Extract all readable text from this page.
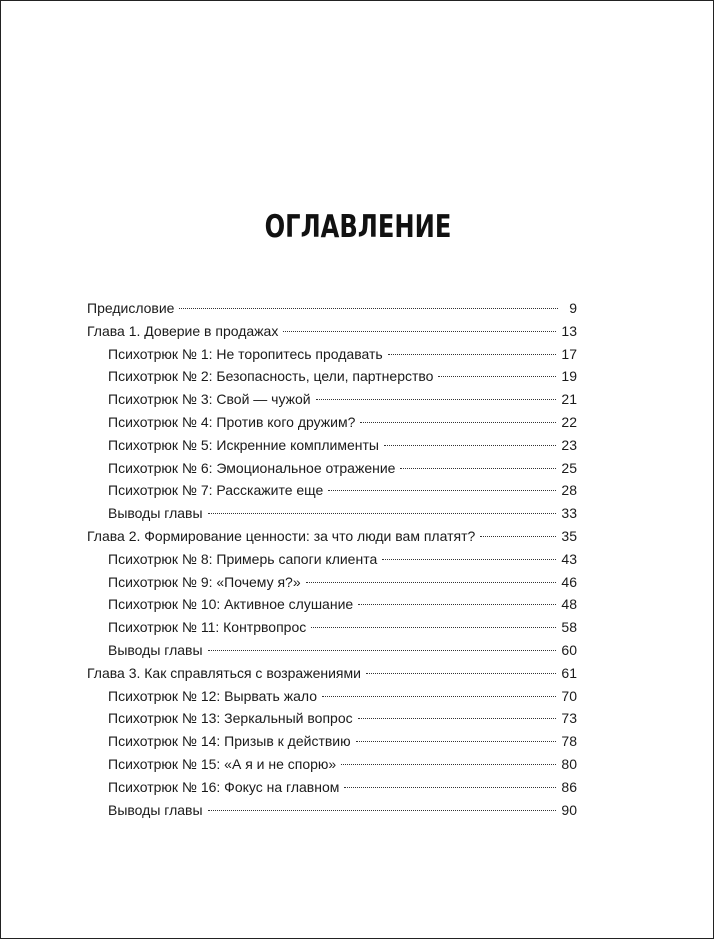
ОГЛАВЛЕНИЕ
Предисловие	9
Глава 1. Доверие в продажах	13
Психотрюк № 1: Не торопитесь продавать	17
Психотрюк № 2: Безопасность, цели, партнерство	19
Психотрюк № 3: Свой — чужой	21
Психотрюк № 4: Против кого дружим?	22
Психотрюк № 5: Искренние комплименты	23
Психотрюк № 6: Эмоциональное отражение	25
Психотрюк № 7: Расскажите еще	28
Выводы главы	33
Глава 2. Формирование ценности: за что люди вам платят?	35
Психотрюк № 8: Примерь сапоги клиента	43
Психотрюк № 9: «Почему я?»	46
Психотрюк № 10: Активное слушание	48
Психотрюк № 11: Контрвопрос	58
Выводы главы	60
Глава 3. Как справляться с возражениями	61
Психотрюк № 12: Вырвать жало	70
Психотрюк № 13: Зеркальный вопрос	73
Психотрюк № 14: Призыв к действию	78
Психотрюк № 15: «А я и не спорю»	80
Психотрюк № 16: Фокус на главном	86
Выводы главы	90
